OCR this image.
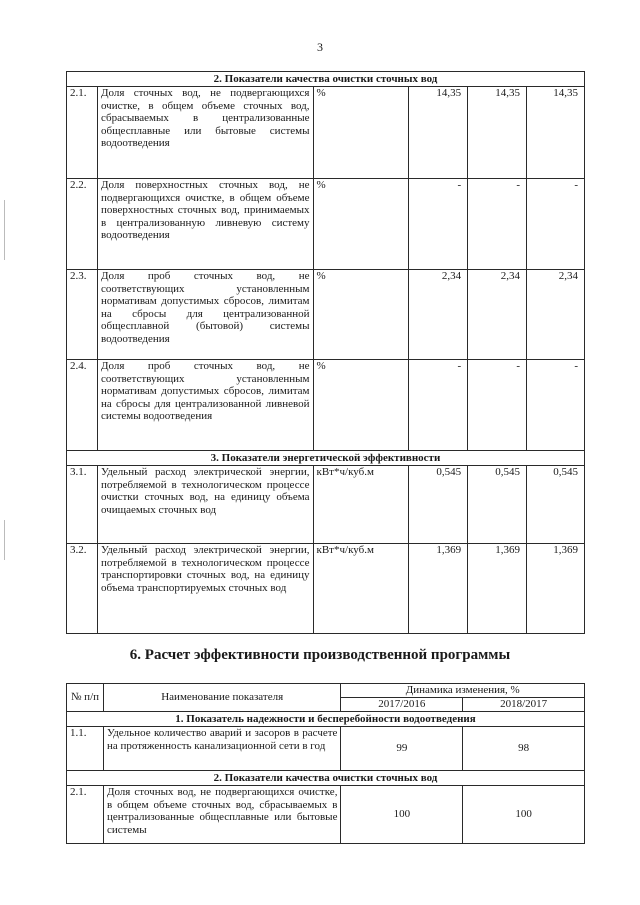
3
2. Показатели качества очистки сточных вод					
2.1.	Доля сточных вод, не подвергающихся очистке, в общем объеме сточных вод, сбрасываемых в централизованные общесплавные или бытовые системы водоотведения	%	14,35	14,35	14,35
2.2.	Доля поверхностных сточных вод, не подвергающихся очистке, в общем объеме поверхностных сточных вод, принимаемых в централизованную ливневую систему водоотведения	%	-	-	-
2.3.	Доля проб сточных вод, не соответствующих установленным нормативам допустимых сбросов, лимитам на сбросы для централизованной общесплавной (бытовой) системы водоотведения	%	2,34	2,34	2,34
2.4.	Доля проб сточных вод, не соответствующих установленным нормативам допустимых сбросов, лимитам на сбросы для централизованной ливневой системы водоотведения	%	-	-	-
3. Показатели энергетической эффективности					
3.1.	Удельный расход электрической энергии, потребляемой в технологическом процессе очистки сточных вод, на единицу объема очищаемых сточных вод	кВт*ч/куб.м	0,545	0,545	0,545
3.2.	Удельный расход электрической энергии, потребляемой в технологическом процессе транспортировки сточных вод, на единицу объема транспортируемых сточных вод	кВт*ч/куб.м	1,369	1,369	1,369
6. Расчет эффективности производственной программы
№ п/п	Наименование показателя	Динамика изменения, %	
		2017/2016	2018/2017
1. Показатель надежности и бесперебойности водоотведения			
1.1.	Удельное количество аварий и засоров в расчете на протяженность канализационной сети в год	99	98
2. Показатели качества очистки сточных вод			
2.1.	Доля сточных вод, не подвергающихся очистке, в общем объеме сточных вод, сбрасываемых в централизованные общесплавные или бытовые системы	100	100
